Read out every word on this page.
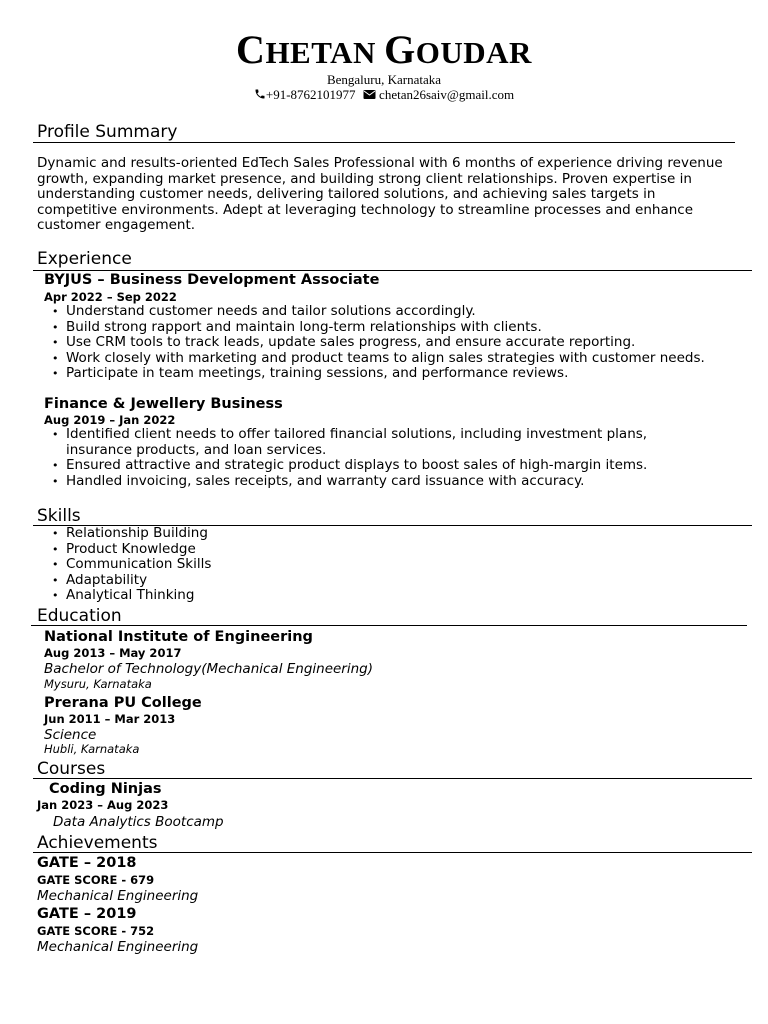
CHETAN GOUDAR
Bengaluru, Karnataka
+91-8762101977 chetan26saiv@gmail.com
Profile Summary
Dynamic and results-oriented EdTech Sales Professional with 6 months of experience driving revenue growth, expanding market presence, and building strong client relationships. Proven expertise in understanding customer needs, delivering tailored solutions, and achieving sales targets in competitive environments. Adept at leveraging technology to streamline processes and enhance customer engagement.
Experience
BYJUS – Business Development Associate
Apr 2022 – Sep 2022
• Understand customer needs and tailor solutions accordingly.
• Build strong rapport and maintain long-term relationships with clients.
• Use CRM tools to track leads, update sales progress, and ensure accurate reporting.
• Work closely with marketing and product teams to align sales strategies with customer needs.
• Participate in team meetings, training sessions, and performance reviews.
Finance & Jewellery Business
Aug 2019 – Jan 2022
• Identified client needs to offer tailored financial solutions, including investment plans, insurance products, and loan services.
• Ensured attractive and strategic product displays to boost sales of high-margin items.
• Handled invoicing, sales receipts, and warranty card issuance with accuracy.
Skills
• Relationship Building
• Product Knowledge
• Communication Skills
• Adaptability
• Analytical Thinking
Education
National Institute of Engineering
Aug 2013 – May 2017
Bachelor of Technology(Mechanical Engineering)
Mysuru, Karnataka
Prerana PU College
Jun 2011 – Mar 2013
Science
Hubli, Karnataka
Courses
Coding Ninjas
Jan 2023 – Aug 2023
Data Analytics Bootcamp
Achievements
GATE – 2018
GATE SCORE - 679
Mechanical Engineering
GATE – 2019
GATE SCORE - 752
Mechanical Engineering
